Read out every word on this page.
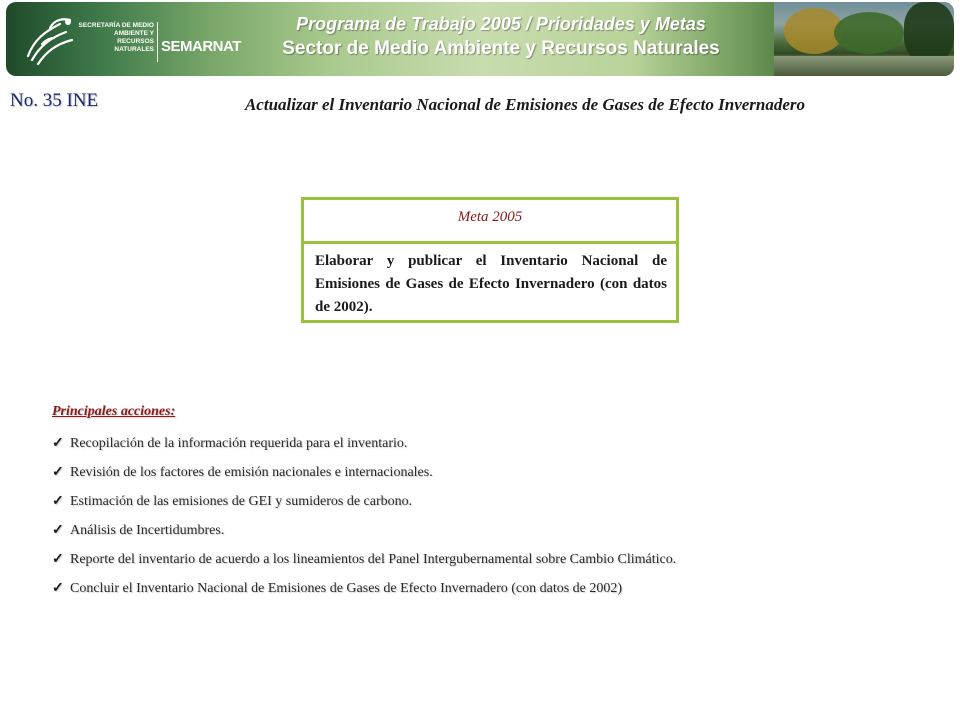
SECRETARÍA DE MEDIO AMBIENTE Y RECURSOS NATURALES SEMARNAT
Programa de Trabajo 2005 / Prioridades y Metas
Sector de Medio Ambiente y Recursos Naturales
No. 35 INE	Actualizar el Inventario Nacional de Emisiones de Gases de Efecto Invernadero
Meta 2005
Elaborar y publicar el Inventario Nacional de Emisiones de Gases de Efecto Invernadero (con datos de 2002).
Principales acciones:
✓ Recopilación de la información requerida para el inventario.
✓ Revisión de los factores de emisión nacionales e internacionales.
✓ Estimación de las emisiones de GEI y sumideros de carbono.
✓ Análisis de Incertidumbres.
✓ Reporte del inventario de acuerdo a los lineamientos del Panel Intergubernamental sobre Cambio Climático.
✓ Concluir el Inventario Nacional de Emisiones de Gases de Efecto Invernadero (con datos de 2002)
